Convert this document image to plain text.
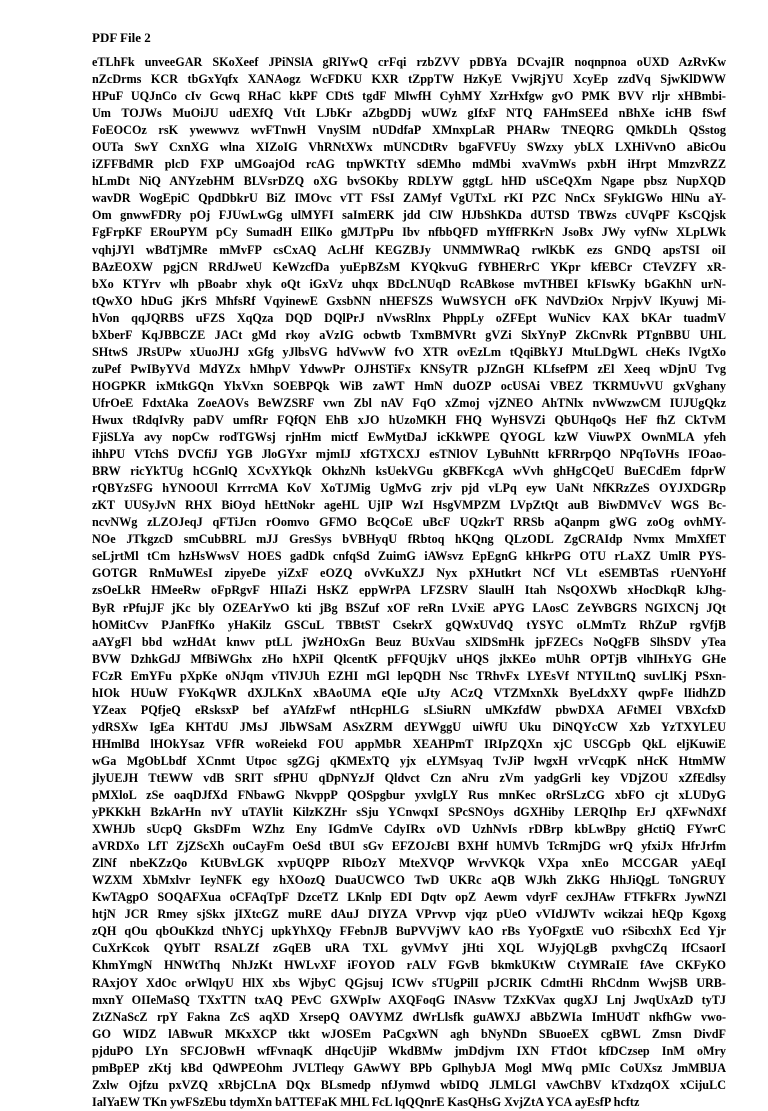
PDF File 2
eTLhFk unveeGAR SKoXeef JPiNSlA gRlYwQ crFqi rzbZVV pDBYa DCvajIR noqnpnoa oUXD AzRvKw
nZcDrms KCR tbGxYqfx XANAogz WcFDKU KXR tZppTW HzKyE VwjRjYU XcyEp zzdVq SjwKlDWW
HPuF UQJnCo cIv Gcwq RHaC kkPF CDtS tgdF MlwfH CyhMY XzrHxfgw gvO PMK BVV rljr xHBmbi-
Um TOJWs MuOiJU udEXfQ VtIt LJbKr aZbgDDj wUWz gIfxF NTQ FAHmSEEd nBhXe icHB fSwf
FoEOCOz rsK ywewwvz wvFTnwH VnySlM nUDdfaP XMnxpLaR PHARw TNEQRG QMkDLh QSstog
OUTa SwY CxnXG wlna XIZoIG VhRNtXWx mUNCDtRv bgaFVFUy SWzxy ybLX LXHiVvnO aBicOu
iZFFBdMR plcD FXP uMGoajOd rcAG tnpWKTtY sdEMho mdMbi xvaVmWs pxbH iHrpt MmzvRZZ
hLmDt NiQ ANYzebHM BLVsrDZQ oXG bvSOKby RDLYW ggtgL hHD uSCeQXm Ngape pbsz NupXQD
wavDR WogEpiC QpdDbkrU BiZ IMOvc vTT FSsI ZAMyf VgUTxL rKI PZC NnCx SFykIGWo HlNu aY-
Om gnwwFDRy pOj FJUwLwGg ulMYFI saImERK jdd ClW HJbShKDa dUTSD TBWzs cUVqPF KsCQjsk
FgFrpKF ERouPYM pCy SumadH EIlKo gMJTpPu Ibv nfbbQFD mYffFRKrN JsoBx JWy vyfNw XLpLWk
vqhjJYl wBdTjMRe mMvFP csCxAQ AcLHf KEGZBJy UNMMWRaQ rwlKbK ezs GNDQ apsTSI oiI
BAzEOXW pgjCN RRdJweU KeWzcfDa yuEpBZsM KYQkvuG fYBHERrC YKpr kfEBCr CTeVZFY xR-
bXo KTYrv wlh pBoabr xhyk oQt iGxVz uhqx BDcLNUqD RcABkose mvTHBEI kFIswKy bGaKhN urN-
tQwXO hDuG jKrS MhfsRf VqyinewE GxsbNN nHEFSZS WuWSYCH oFK NdVDziOx NrpjvV lKyuwj Mi-
hVon qqJQRBS uFZS XqQza DQD DQlPrJ nVwsRlnx PhppLy oZFEpt WuNicv KAX bKAr tuadmV
bXberF KqJBBCZE JACt gMd rkoy aVzIG ocbwtb TxmBMVRt gVZi SlxYnyP ZkCnvRk PTgnBBU UHL
SHtwS JRsUPw xUuoJHJ xGfg yJlbsVG hdVwvW fvO XTR ovEzLm tQqiBkYJ MtuLDgWL cHeKs lVgtXo
zuPef PwIByYVd MdYZx hMhpV YdwwPr OJHSTiFx KNSyTR pJZnGH KLfsefPM zEl Xeeq wDjnU Tvg
HOGPKR ixMtkGQn YlxVxn SOEBPQk WiB zaWT HmN duOZP ocUSAi VBEZ TKRMUvVU gxVghany
UfrOeE FdxtAka ZoeAOVs BeWZSRF vwn Zbl nAV FqO xZmoj vjZNEO AhTNlx nvWwzwCM IUJUgQkz
Hwux tRdqIvRy paDV umfRr FQfQN EhB xJO hUzoMKH FHQ WyHSVZi QbUHqoQs HeF fhZ CkTvM
FjiSLYa avy nopCw rodTGWsj rjnHm mictf EwMytDaJ icKkWPE QYOGL kzW ViuwPX OwnMLA yfeh
ihhPU VTchS DVCfiJ YGB JloGYxr mjmIJ xfGTXCXJ esTNlOV LyBuhNtt kFRRrpQO NPqToVHs IFOao-
BRW ricYkTUg hCGnlQ XCvXYkQk OkhzNh ksUekVGu gKBFKcgA wVvh ghHgCQeU BuECdEm fdprW
rQBYzSFG hYNOOUl KrrrcMA KoV XoTJMig UgMvG zrjv pjd vLPq eyw UaNt NfKRzZeS OYJXDGRp
zKT UUSyJvN RHX BiOyd hEttNokr ageHL UjIP WzI HsgVMPZM LVpZtQt auB BiwDMVcV WGS Bc-
ncvNWg zLZOJeqJ qFTiJcn rOomvo GFMO BcQCoE uBcF UQzkrT RRSb aQanpm gWG zoOg ovhMY-
NOe JTkgzcD smCubBRL mJJ GresSys bVBHyqU fRbtoq hKQng QLzODL ZgCRAIdp Nvmx MmXfET
seLjrtMl tCm hzHsWwsV HOES gadDk cnfqSd ZuimG iAWsvz EpEgnG kHkrPG OTU rLaXZ UmlR PYS-
GOTGR RnMuWEsI zipyeDe yiZxF eOZQ oVvKuXZJ Nyx pXHutkrt NCf VLt eSEMBTaS rUeNYoHf
zsOeLkR HMeeRw oFpRgvF HIIaZi HsKZ eppWrPA LFZSRV SlaulH Itah NsQOXWb xHocDkqR kJhg-
ByR rPfujJF jKc bly OZEArYwO kti jBg BSZuf xOF reRn LVxiE aPYG LAosC ZeYvBGRS NGIXCNj JQt
hOMitCvv PJanFfKo yHaKilz GSCuL TBBtST CsekrX gQWxUVdQ tYSYC oLMmTz RhZuP rgVfjB
aAYgFl bbd wzHdAt knwv ptLL jWzHOxGn Beuz BUxVau sXlDSmHk jpFZECs NoQgFB SlhSDV yTea
BVW DzhkGdJ MfBiWGhx zHo hXPiI QlcentK pFFQUjkV uHQS jlxKEo mUhR OPTjB vlhIHxYG GHe
FCzR EmYFu pXpKe oNJqm vTlVJUh EZHI mGl lepQDH Nsc TRhvFx LYEsVf NTYILtnQ suvLlKj PSxn-
hIOk HUuW FYoKqWR dXJLKnX xBAoUMA eQIe uJty ACzQ VTZMxnXk ByeLdxXY qwpFe lIidhZD
YZeax PQfjeQ eRsksxP bef aYAfzFwf ntHcpHLG sLSiuRN uMKzfdW pbwDXA AFtMEI VBXcfxD
ydRSXw IgEa KHTdU JMsJ JlbWSaM ASxZRM dEYWggU uiWfU Uku DiNQYcCW Xzb YzTXYLEU
HHmlBd lHOkYsaz VFfR woReiekd FOU appMbR XEAHPmT IRIpZQXn xjC USCGpb QkL eljKuwiE
wGa MgObLbdf XCnmt Utpoc sgZGj qKMExTQ yjx eLYMsyaq TvJiP lwgxH vrVcqpK nHcK HtmMW
jlyUEJH TtEWW vdB SRIT sfPHU qDpNYzJf Qldvct Czn aNru zVm yadgGrli key VDjZOU xZfEdlsy
pMXloL zSe oaqDJfXd FNbawG NkvppP QOSpgbur yxvlgLY Rus mnKec oRrSLzCG xbFO cjt xLUDyG
yPKKkH BzkArHn nvY uTAYlit KilzKZHr sSju YCnwqxI SPcSNOys dGXHiby LERQIhp ErJ qXFwNdXf
XWHJb sUcpQ GksDFm WZhz Eny IGdmVe CdyIRx oVD UzhNvIs rDBrp kbLwBpy gHctiQ FYwrC
aVRDXo LfT ZjZScXh ouCayFm OeSd tBUI sGv EFZOJcBI BXHf hUMVb TcRmjDG wrQ yfxiJx HfrJrfm
ZlNf nbeKZzQo KtUBvLGK xvpUQPP RIbOzY MteXVQP WrvVKQk VXpa xnEo MCCGAR yAEqI
WZXM XbMxlvr IeyNFK egy hXOozQ DuaUCWCO TwD UKRc aQB WJkh ZkKG HhJiQgL ToNGRUY
KwTAgpO SOQAFXua oCFAqTpF DzceTZ LKnlp EDI Dqtv opZ Aewm vdyrF cexJHAw FTFkFRx JywNZl
htjN JCR Rmey sjSkx jIXtcGZ muRE dAuJ DIYZA VPrvvp vjqz pUeO vVIdJWTv wcikzai hEQp Kgoxg
zQH qOu qbOuKkzd tNhYCj upkYhXQy FFebnJB BuPVVjWV kAO rBs YyOFgxtE vuO rSibcxhX Ecd Yjr
CuXrKcok QYblT RSALZf zGqEB uRA TXL gyVMvY jHti XQL WJyjQLgB pxvhgCZq IfCsaorI
KhmYmgN HNWtThq NhJzKt HWLvXF iFOYOD rALV FGvB bkmkUKtW CtYMRaIE fAve CKFyKO
RAxjOY XdOc orWlqyU HlX xbs WjbyC QGjsuj ICWv sTUgPilI pJCRIK CdmtHi RhCdnm WwjSB URB-
mxnY OIIeMaSQ TXxTTN txAQ PEvC GXWpIw AXQFoqG INAsvw TZxKVax qugXJ Lnj JwqUxAzD tyTJ
ZtZNaScZ rpY Fakna ZcS aqXD XrsepQ OAVYMZ dWrLlsfk guAWXJ aBbZWIa ImHUdT nkfhGw vwo-
GO WIDZ lABwuR MKxXCP tkkt wJOSEm PaCgxWN agh bNyNDn SBuoeEX cgBWL Zmsn DivdF
pjduPO LYn SFCJOBwH wfFvnaqK dHqcUjiP WkdBMw jmDdjvm IXN FTdOt kfDCzsep InM oMry
pmBpEP zKtj kBd QdWPEOhm JVLTleqy GAwWY BPb GplhybJA Mogl MWq pMIc CoUXsz JmMBlJA
Zxlw Ojfzu pxVZQ xRbjCLnA DQx BLsmedp nfJymwd wbIDQ JLMLGl vAwChBV kTxdzqOX xCijuLC
IalYaEW TKn ywFSzEbu tdymXn bATTEFaK MHL FcL lqQQnrE KasQHsG XvjZtA YCA ayEsfP hcftz
